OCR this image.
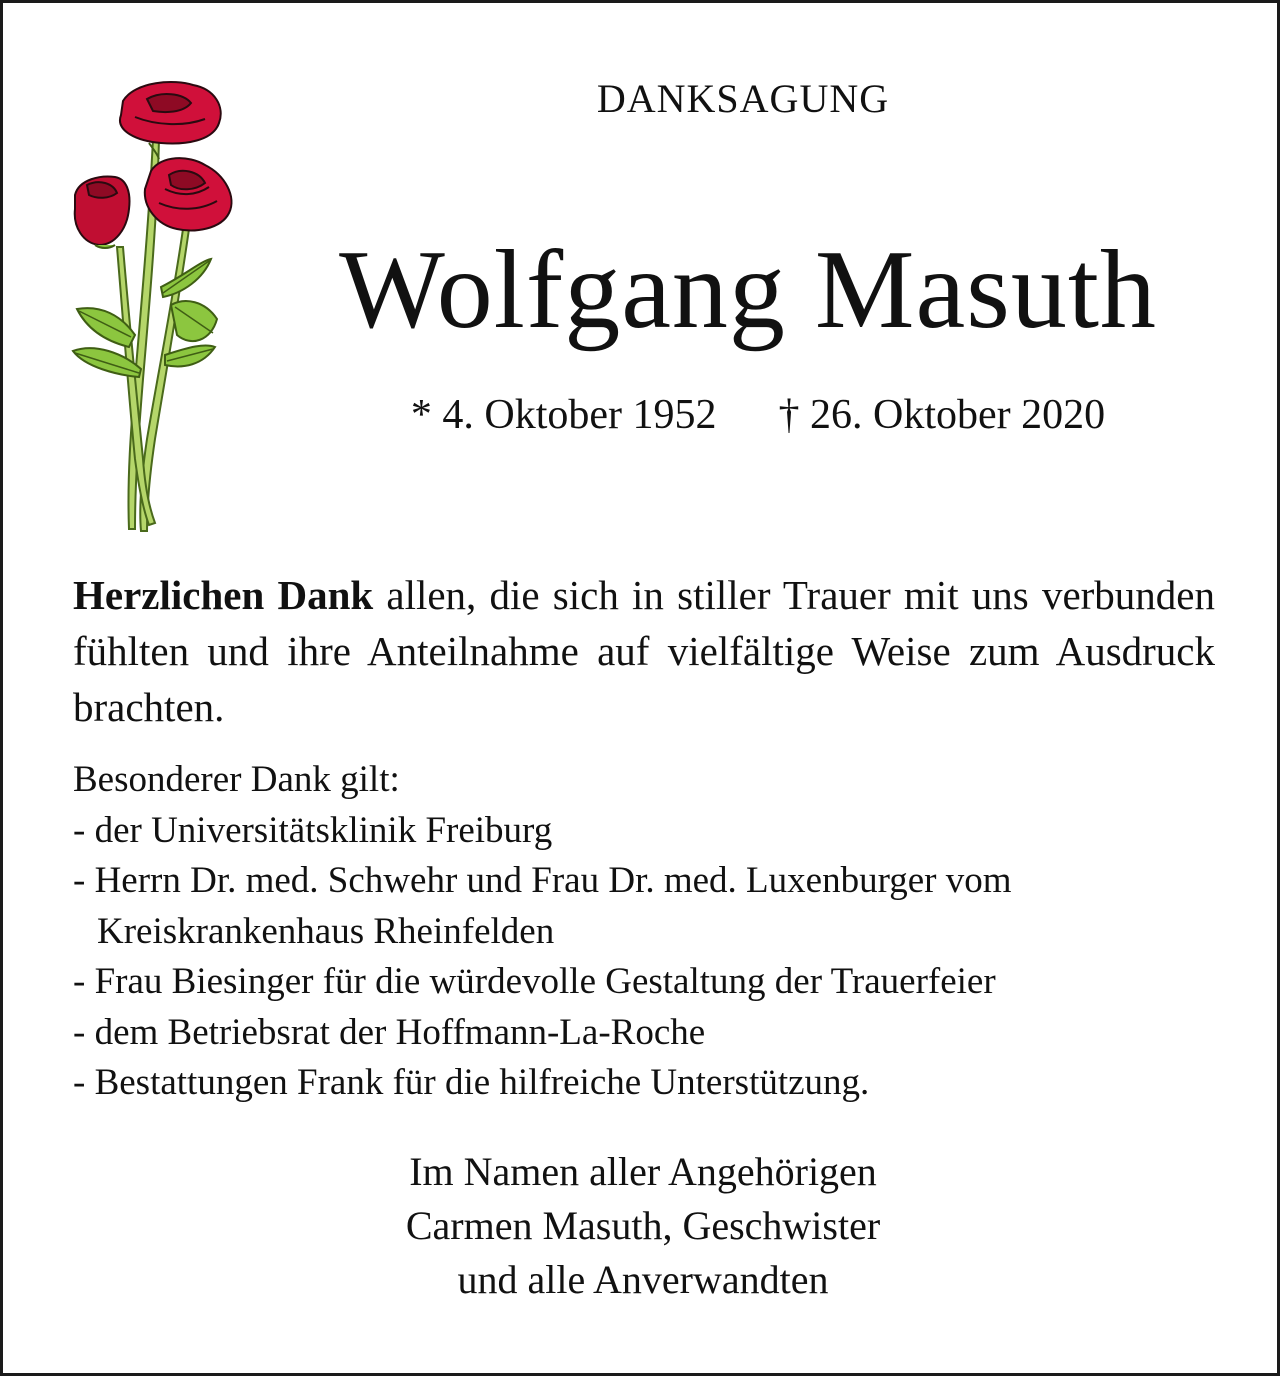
DANKSAGUNG
Wolfgang Masuth
* 4. Oktober 1952 † 26. Oktober 2020
Herzlichen Dank allen, die sich in stiller Trauer mit uns verbunden fühlten und ihre Anteilnahme auf vielfältige Weise zum Ausdruck brachten.
Besonderer Dank gilt:
- der Universitätsklinik Freiburg
- Herrn Dr. med. Schwehr und Frau Dr. med. Luxenburger vom Kreiskrankenhaus Rheinfelden
- Frau Biesinger für die würdevolle Gestaltung der Trauerfeier
- dem Betriebsrat der Hoffmann-La-Roche
- Bestattungen Frank für die hilfreiche Unterstützung.
Im Namen aller Angehörigen
Carmen Masuth, Geschwister
und alle Anverwandten
